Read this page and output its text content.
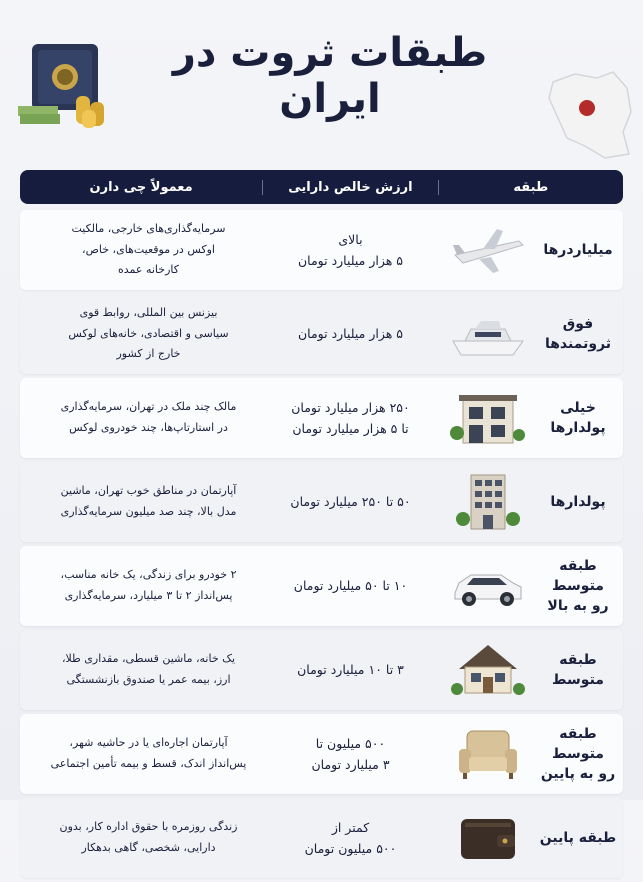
طبقات ثروت در ایران
طبقه
ارزش خالص دارایی
معمولاً چی دارن
میلیاردرها
بالای
۵ هزار میلیارد تومان
سرمایه‌گذاری‌های خارجی، مالکیت
اوکس در موقعیت‌های، خاص،
کارخانه عمده
فوق ثروتمندها
۵ هزار میلیارد تومان
بیزنس بین المللی، روابط قوی
سیاسی و اقتصادی، خانه‌های لوکس
خارج از کشور
خیلی پولدارها
۲۵۰ هزار میلیارد تومان
تا ۵ هزار میلیارد تومان
مالک چند ملک در تهران، سرمایه‌گذاری
در استارتاپ‌ها، چند خودروی لوکس
پولدارها
۵۰ تا ۲۵۰ میلیارد تومان
آپارتمان در مناطق خوب تهران، ماشین
مدل بالا، چند صد میلیون سرمایه‌گذاری
طبقه متوسط
رو به بالا
۱۰ تا ۵۰ میلیارد تومان
۲ خودرو برای زندگی، یک خانه مناسب،
پس‌انداز ۲ تا ۳ میلیارد، سرمایه‌گذاری
طبقه متوسط
۳ تا ۱۰ میلیارد تومان
یک خانه، ماشین قسطی، مقداری طلا،
ارز، بیمه عمر یا صندوق بازنشستگی
طبقه متوسط
رو به پایین
۵۰۰ میلیون تا
۳ میلیارد تومان
آپارتمان اجاره‌ای یا در حاشیه شهر،
پس‌انداز اندک، قسط و بیمه تأمین اجتماعی
طبقه پایین
کمتر از
۵۰۰ میلیون تومان
زندگی روزمره با حقوق اداره کار، بدون
دارایی، شخصی، گاهی بدهکار
